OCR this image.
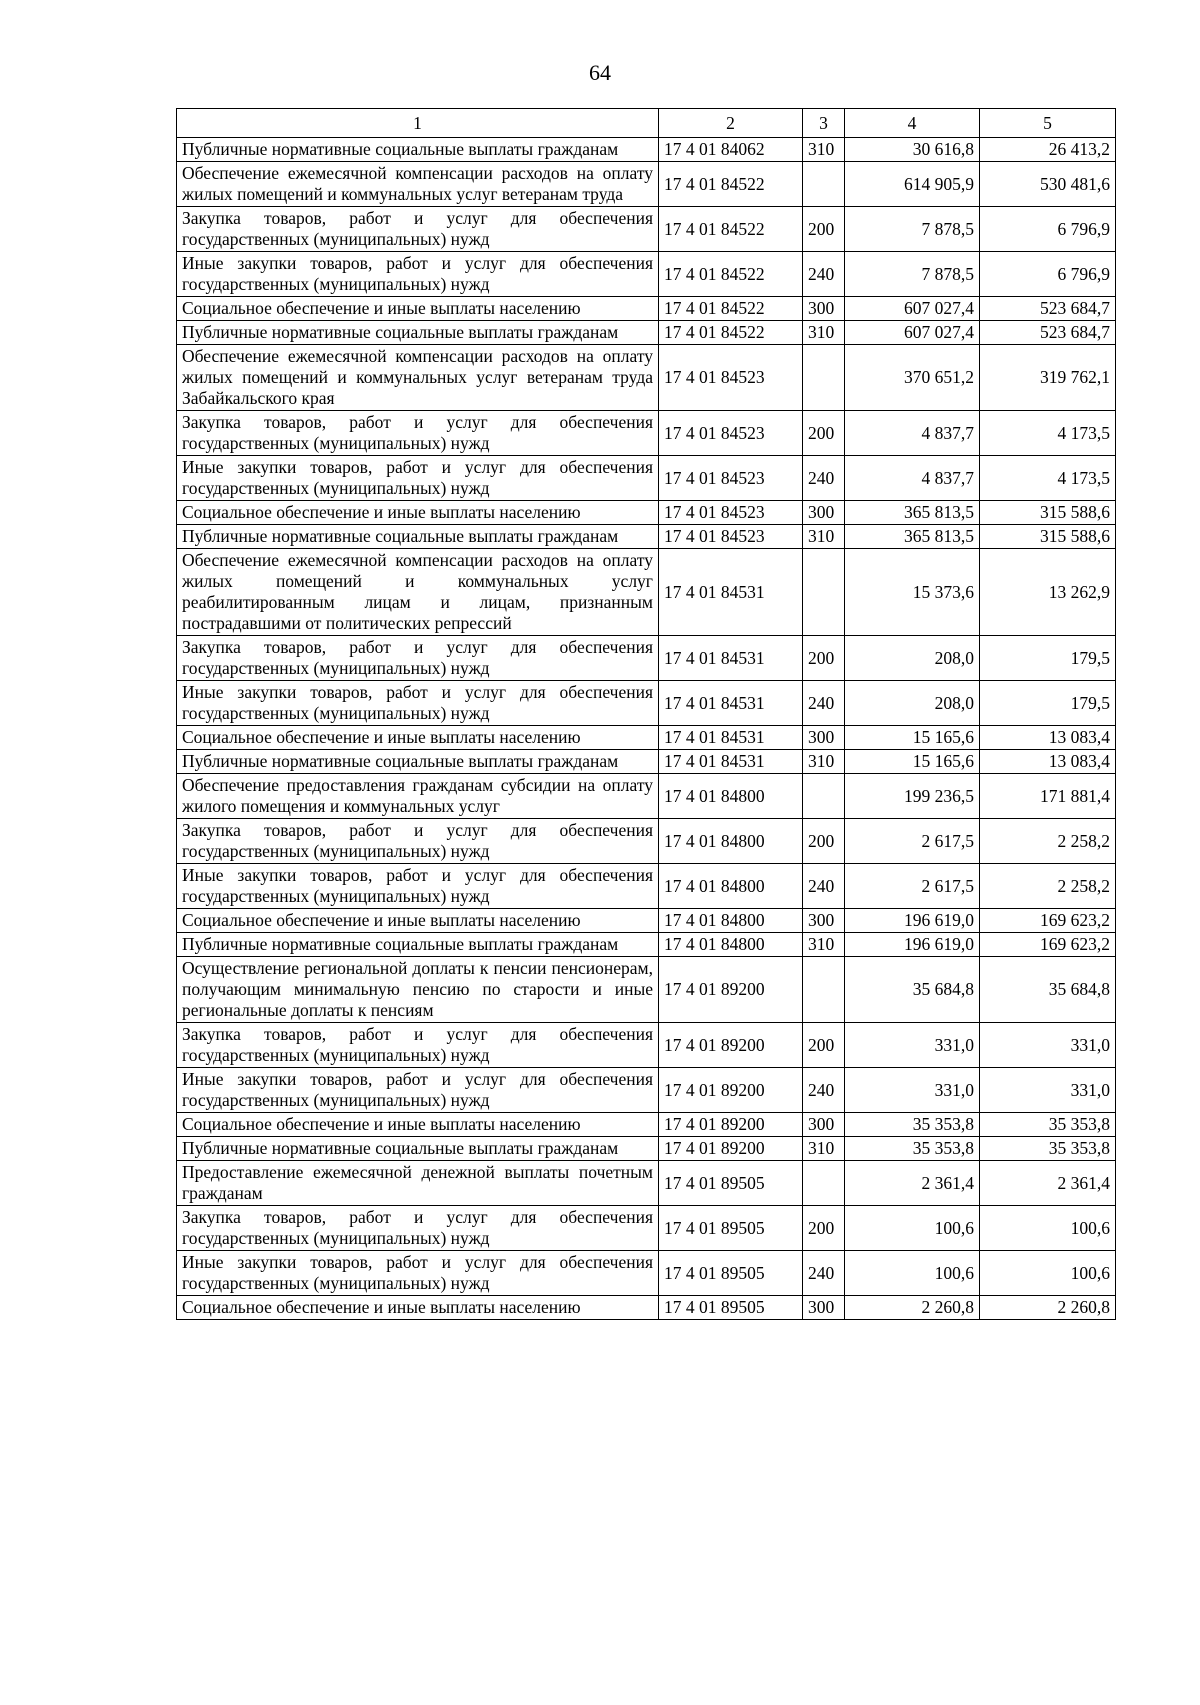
64
1	2	3	4	5
Публичные нормативные социальные выплаты гражданам	17 4 01 84062	310	30 616,8	26 413,2
Обеспечение ежемесячной компенсации расходов на оплату жилых помещений и коммунальных услуг ветеранам труда	17 4 01 84522		614 905,9	530 481,6
Закупка товаров, работ и услуг для обеспечения государственных (муниципальных) нужд	17 4 01 84522	200	7 878,5	6 796,9
Иные закупки товаров, работ и услуг для обеспечения государственных (муниципальных) нужд	17 4 01 84522	240	7 878,5	6 796,9
Социальное обеспечение и иные выплаты населению	17 4 01 84522	300	607 027,4	523 684,7
Публичные нормативные социальные выплаты гражданам	17 4 01 84522	310	607 027,4	523 684,7
Обеспечение ежемесячной компенсации расходов на оплату жилых помещений и коммунальных услуг ветеранам труда Забайкальского края	17 4 01 84523		370 651,2	319 762,1
Закупка товаров, работ и услуг для обеспечения государственных (муниципальных) нужд	17 4 01 84523	200	4 837,7	4 173,5
Иные закупки товаров, работ и услуг для обеспечения государственных (муниципальных) нужд	17 4 01 84523	240	4 837,7	4 173,5
Социальное обеспечение и иные выплаты населению	17 4 01 84523	300	365 813,5	315 588,6
Публичные нормативные социальные выплаты гражданам	17 4 01 84523	310	365 813,5	315 588,6
Обеспечение ежемесячной компенсации расходов на оплату жилых помещений и коммунальных услуг реабилитированным лицам и лицам, признанным пострадавшими от политических репрессий	17 4 01 84531		15 373,6	13 262,9
Закупка товаров, работ и услуг для обеспечения государственных (муниципальных) нужд	17 4 01 84531	200	208,0	179,5
Иные закупки товаров, работ и услуг для обеспечения государственных (муниципальных) нужд	17 4 01 84531	240	208,0	179,5
Социальное обеспечение и иные выплаты населению	17 4 01 84531	300	15 165,6	13 083,4
Публичные нормативные социальные выплаты гражданам	17 4 01 84531	310	15 165,6	13 083,4
Обеспечение предоставления гражданам субсидии на оплату жилого помещения и коммунальных услуг	17 4 01 84800		199 236,5	171 881,4
Закупка товаров, работ и услуг для обеспечения государственных (муниципальных) нужд	17 4 01 84800	200	2 617,5	2 258,2
Иные закупки товаров, работ и услуг для обеспечения государственных (муниципальных) нужд	17 4 01 84800	240	2 617,5	2 258,2
Социальное обеспечение и иные выплаты населению	17 4 01 84800	300	196 619,0	169 623,2
Публичные нормативные социальные выплаты гражданам	17 4 01 84800	310	196 619,0	169 623,2
Осуществление региональной доплаты к пенсии пенсионерам, получающим минимальную пенсию по старости и иные региональные доплаты к пенсиям	17 4 01 89200		35 684,8	35 684,8
Закупка товаров, работ и услуг для обеспечения государственных (муниципальных) нужд	17 4 01 89200	200	331,0	331,0
Иные закупки товаров, работ и услуг для обеспечения государственных (муниципальных) нужд	17 4 01 89200	240	331,0	331,0
Социальное обеспечение и иные выплаты населению	17 4 01 89200	300	35 353,8	35 353,8
Публичные нормативные социальные выплаты гражданам	17 4 01 89200	310	35 353,8	35 353,8
Предоставление ежемесячной денежной выплаты почетным гражданам	17 4 01 89505		2 361,4	2 361,4
Закупка товаров, работ и услуг для обеспечения государственных (муниципальных) нужд	17 4 01 89505	200	100,6	100,6
Иные закупки товаров, работ и услуг для обеспечения государственных (муниципальных) нужд	17 4 01 89505	240	100,6	100,6
Социальное обеспечение и иные выплаты населению	17 4 01 89505	300	2 260,8	2 260,8
